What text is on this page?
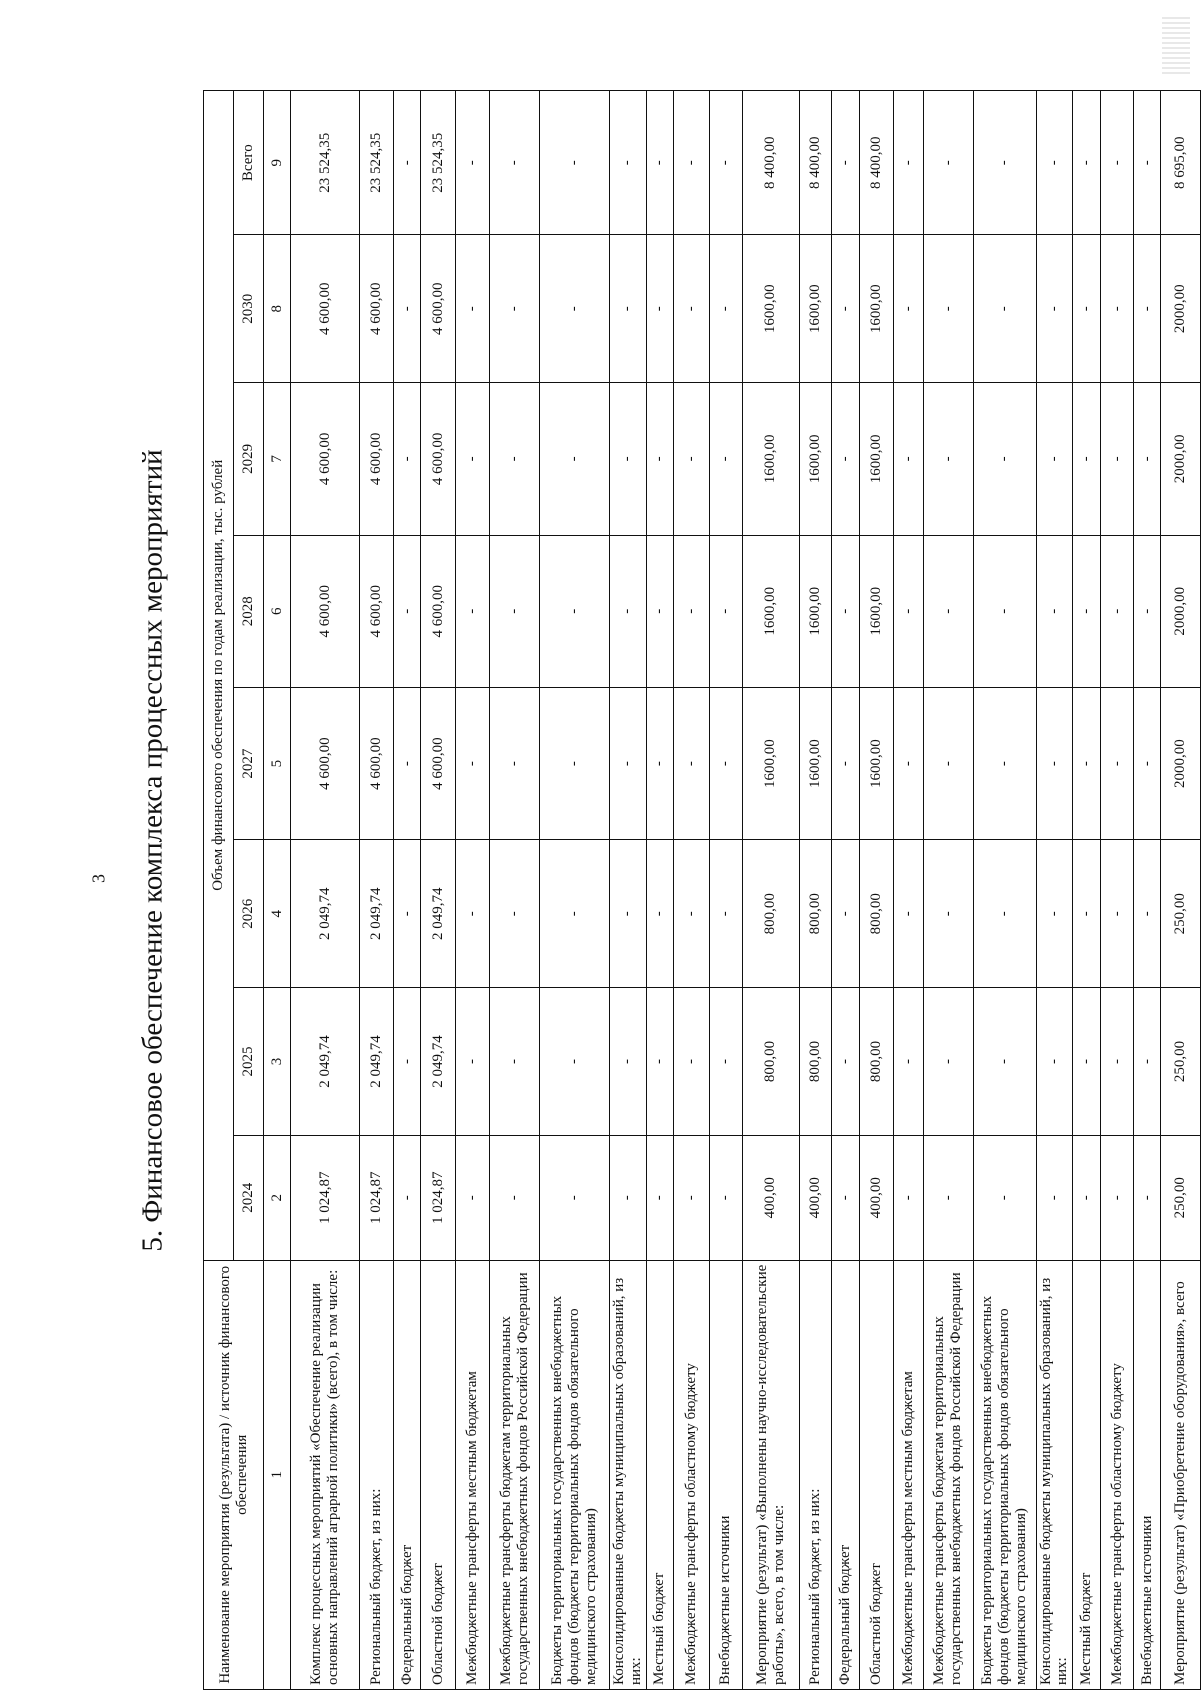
3 5. Финансовое обеспечение комплекса процессных мероприятий
Наименование мероприятия (результата) / источник финансового обеспечения	Объем финансового обеспечения по годам реализации, тыс. рублей							
	2024	2025	2026	2027	2028	2029	2030	Всего
1	2	3	4	5	6	7	8	9
Комплекс процессных мероприятий «Обеспечение реализации основных направлений аграрной политики» (всего), в том числе:	1 024,87	2 049,74	2 049,74	4 600,00	4 600,00	4 600,00	4 600,00	23 524,35
Региональный бюджет, из них:	1 024,87	2 049,74	2 049,74	4 600,00	4 600,00	4 600,00	4 600,00	23 524,35
Федеральный бюджет	-	-	-	-	-	-	-	-
Областной бюджет	1 024,87	2 049,74	2 049,74	4 600,00	4 600,00	4 600,00	4 600,00	23 524,35
Межбюджетные трансферты местным бюджетам	-	-	-	-	-	-	-	-
Межбюджетные трансферты бюджетам территориальных государственных внебюджетных фондов Российской Федерации	-	-	-	-	-	-	-	-
Бюджеты территориальных государственных внебюджетных фондов (бюджеты территориальных фондов обязательного медицинского страхования)	-	-	-	-	-	-	-	-
Консолидированные бюджеты муниципальных образований, из них:	-	-	-	-	-	-	-	-
Местный бюджет	-	-	-	-	-	-	-	-
Межбюджетные трансферты областному бюджету	-	-	-	-	-	-	-	-
Внебюджетные источники	-	-	-	-	-	-	-	-
Мероприятие (результат) «Выполнены научно-исследовательские работы», всего, в том числе:	400,00	800,00	800,00	1600,00	1600,00	1600,00	1600,00	8 400,00
Региональный бюджет, из них:	400,00	800,00	800,00	1600,00	1600,00	1600,00	1600,00	8 400,00
Федеральный бюджет	-	-	-	-	-	-	-	-
Областной бюджет	400,00	800,00	800,00	1600,00	1600,00	1600,00	1600,00	8 400,00
Межбюджетные трансферты местным бюджетам	-	-	-	-	-	-	-	-
Межбюджетные трансферты бюджетам территориальных государственных внебюджетных фондов Российской Федерации	-	-	-	-	-	-	-	-
Бюджеты территориальных государственных внебюджетных фондов (бюджеты территориальных фондов обязательного медицинского страхования)	-	-	-	-	-	-	-	-
Консолидированные бюджеты муниципальных образований, из них:	-	-	-	-	-	-	-	-
Местный бюджет	-	-	-	-	-	-	-	-
Межбюджетные трансферты областному бюджету	-	-	-	-	-	-	-	-
Внебюджетные источники	-	-	-	-	-	-	-	-
Мероприятие (результат) «Приобретение оборудования», всего	250,00	250,00	250,00	2000,00	2000,00	2000,00	2000,00	8 695,00
